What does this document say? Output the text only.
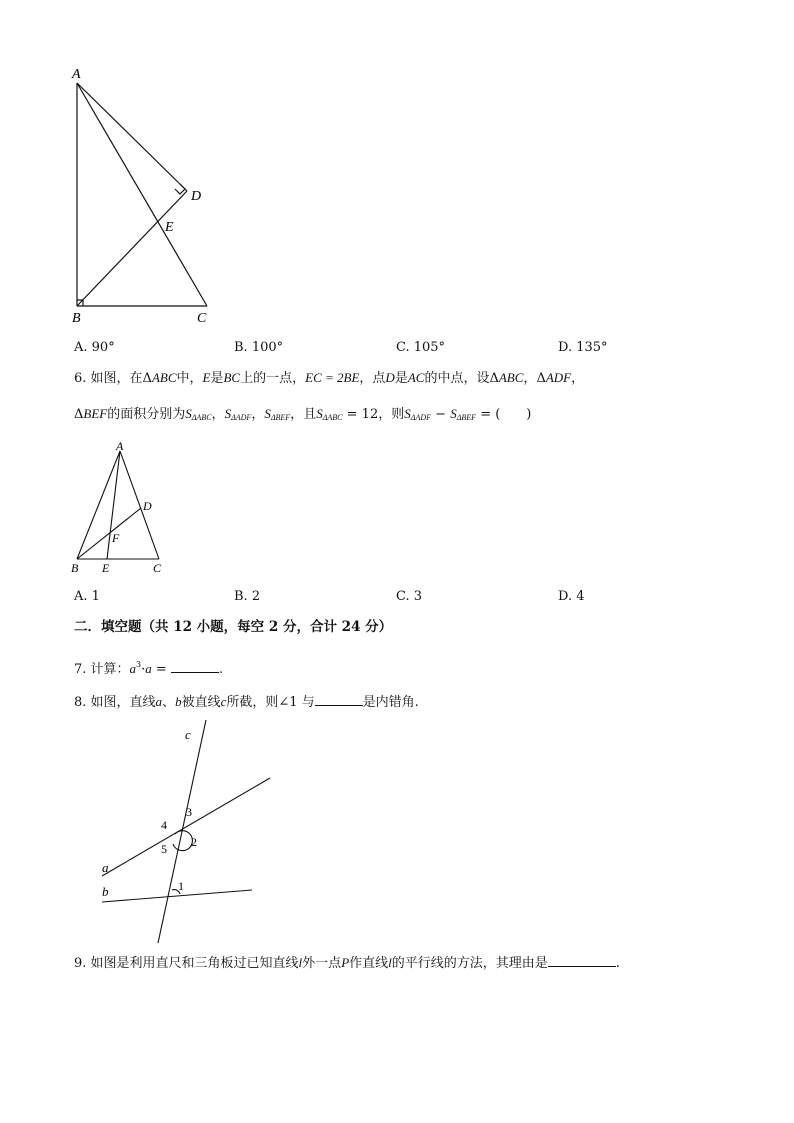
A
B	C
D
E
A. 90°	B. 100°	C. 105°	D. 135°
6. 如图，在ΔABC中，E是BC上的一点，EC = 2BE，点D是AC的中点，设ΔABC，ΔADF，
ΔBEF的面积分别为$S_{\Delta ABC}$，$S_{\Delta ADF}$，$S_{\Delta BEF}$，且$S_{\Delta ABC} = 12$，则$S_{\Delta ADF} - S_{\Delta BEF}$ = (　　)
A
B E	C
D
F
A. 1	B. 2	C. 3	D. 4
二．填空题（共 12 小题，每空 2 分，合计 24 分）
7. 计算：$a^3\cdot a$ =	.
8. 如图，直线a、b被直线c所截，则∠1 与	是内错角.
c
a
b
3
4
2
5
1
9. 如图是利用直尺和三角板过已知直线l外一点P作直线l的平行线的方法，其理由是	.
